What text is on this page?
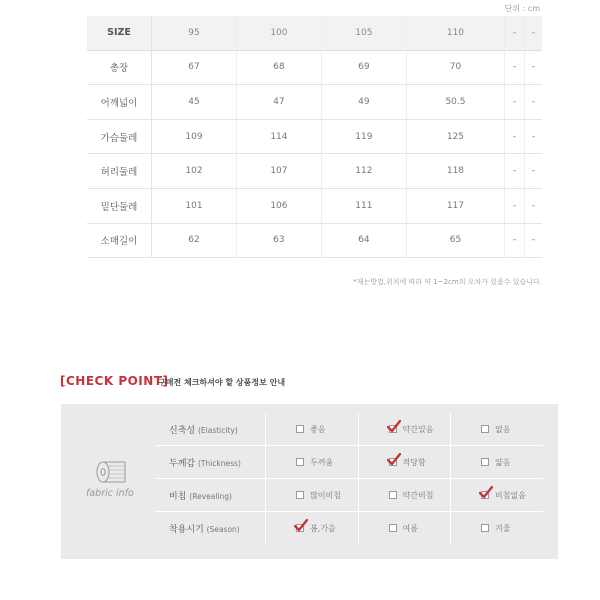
단위 : cm
SIZE	95	100	105	110	-	-
총장	67	68	69	70	-	-
어깨넓이	45	47	49	50.5	-	-
가슴둘레	109	114	119	125	-	-
허리둘레	102	107	112	118	-	-
밑단둘레	101	106	111	117	-	-
소매길이	62	63	64	65	-	-
*재는방법,위치에 따라 약 1~2cm의 오차가 있을수 있습니다.
[CHECK POINT]
구매전 체크하셔야 할 상품정보 안내
fabric info
신축성 (Elasticity)	좋음	약간있음	없음
두께감 (Thickness)	두꺼움	적당함	얇음
비침 (Revealing)	많이비침	약간비침	비침없음

착용시기 (Season)	봄,가을	여름	겨울
